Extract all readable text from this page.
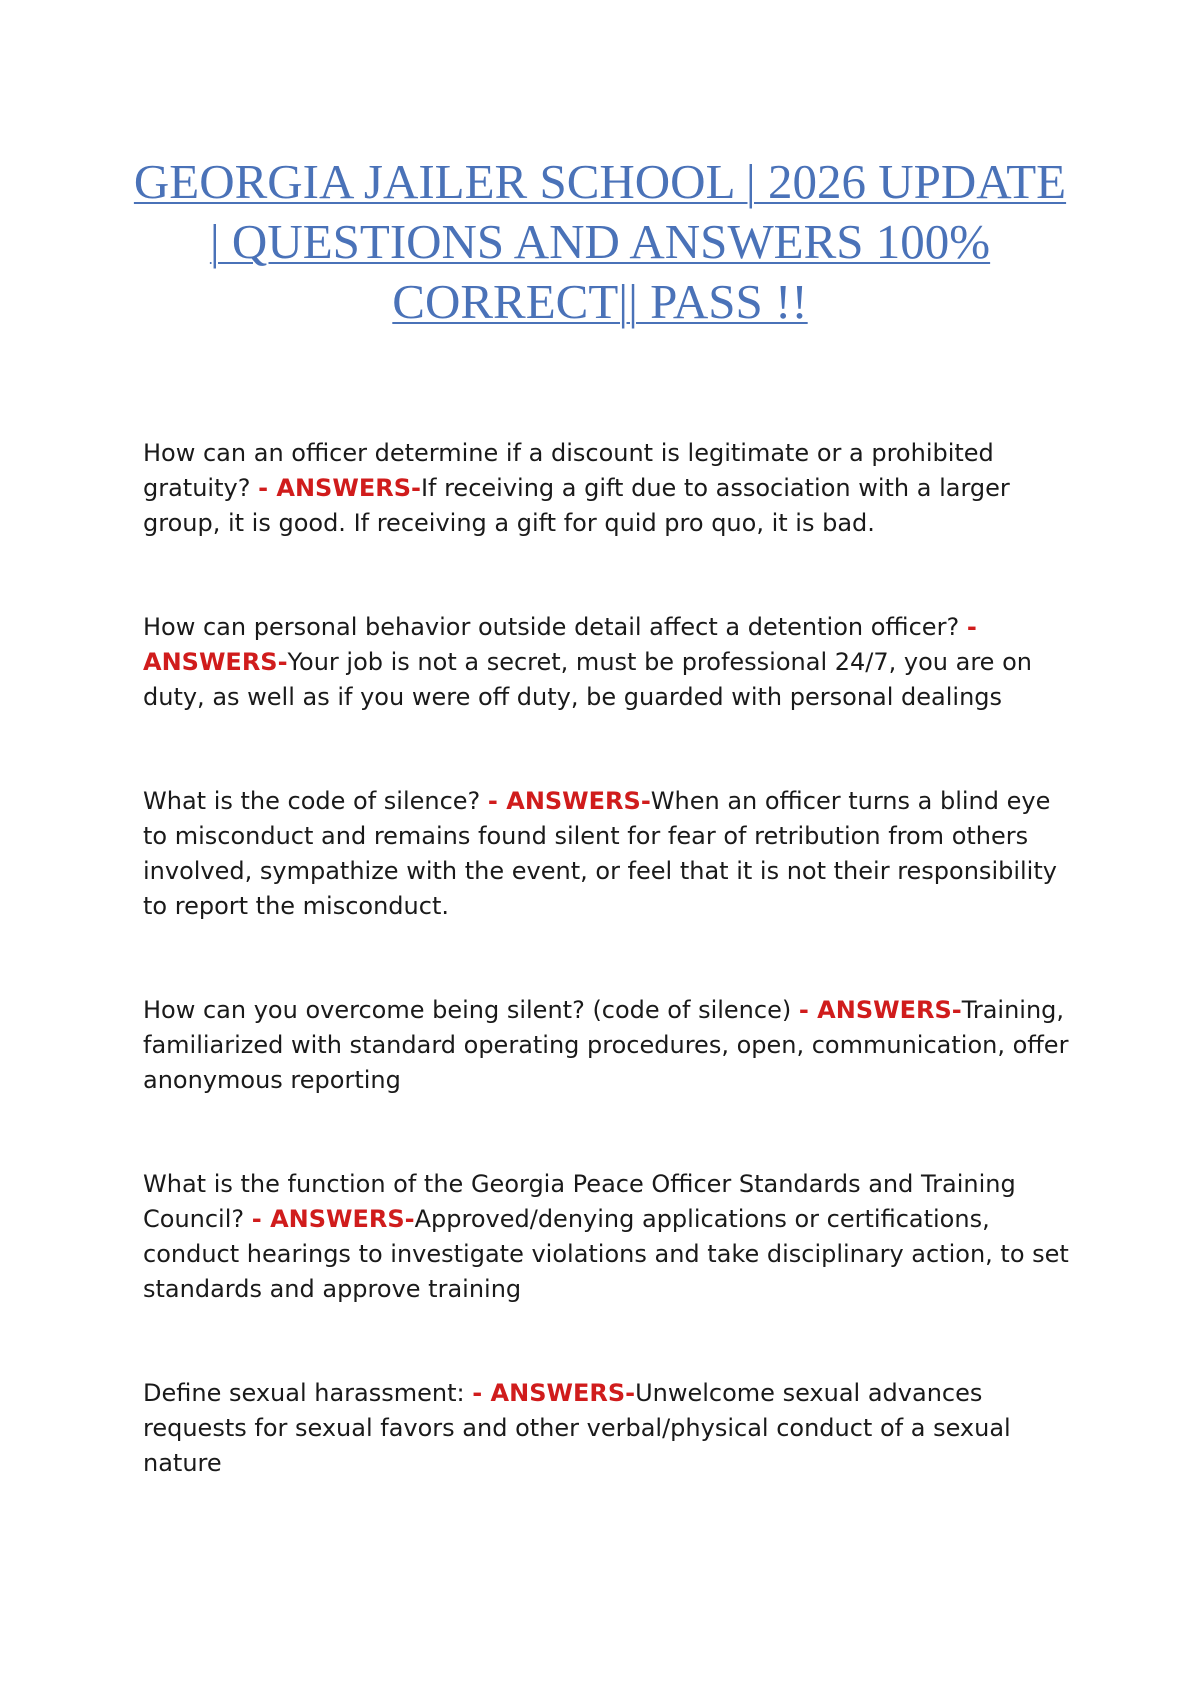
GEORGIA JAILER SCHOOL | 2026 UPDATE | QUESTIONS AND ANSWERS 100% CORRECT|| PASS !!

How can an officer determine if a discount is legitimate or a prohibited gratuity? - ANSWERS-If receiving a gift due to association with a larger group, it is good. If receiving a gift for quid pro quo, it is bad.

How can personal behavior outside detail affect a detention officer? - ANSWERS-Your job is not a secret, must be professional 24/7, you are on duty, as well as if you were off duty, be guarded with personal dealings

What is the code of silence? - ANSWERS-When an officer turns a blind eye to misconduct and remains found silent for fear of retribution from others involved, sympathize with the event, or feel that it is not their responsibility to report the misconduct.

How can you overcome being silent? (code of silence) - ANSWERS-Training, familiarized with standard operating procedures, open, communication, offer anonymous reporting

What is the function of the Georgia Peace Officer Standards and Training Council? - ANSWERS-Approved/denying applications or certifications, conduct hearings to investigate violations and take disciplinary action, to set standards and approve training

Define sexual harassment: - ANSWERS-Unwelcome sexual advances requests for sexual favors and other verbal/physical conduct of a sexual nature
